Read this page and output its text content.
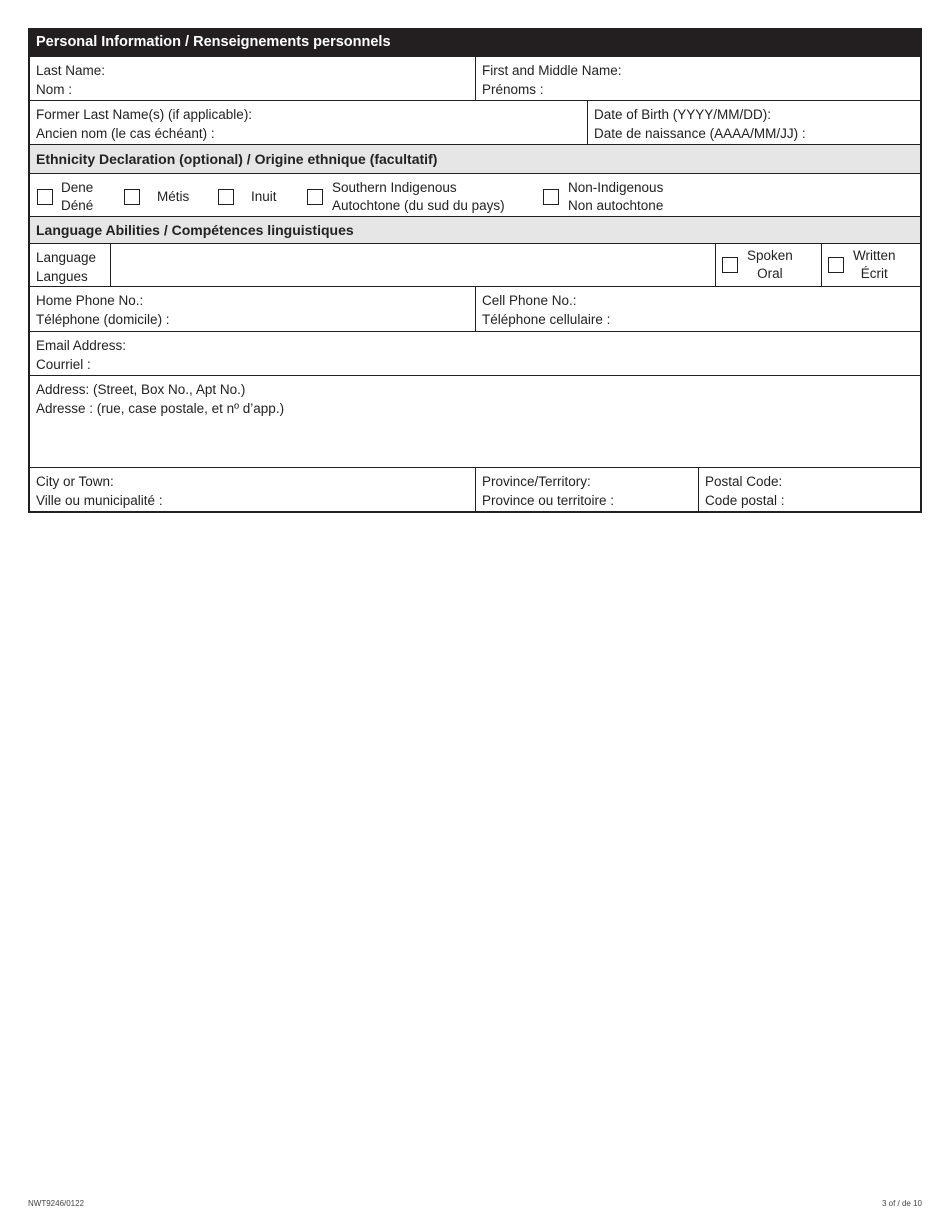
Personal Information / Renseignements personnels
Last Name:
Nom :
First and Middle Name:
Prénoms :
Former Last Name(s) (if applicable):
Ancien nom (le cas échéant) :
Date of Birth (YYYY/MM/DD):
Date de naissance (AAAA/MM/JJ) :
Ethnicity Declaration (optional) / Origine ethnique (facultatif)
Dene
Déné
Métis	Inuit
Southern Indigenous
Autochtone (du sud du pays)
Non-Indigenous
Non autochtone
Language Abilities / Compétences linguistiques
Language
Langues
Spoken
Oral
Written
Écrit
Home Phone No.:
Téléphone (domicile) :
Cell Phone No.:
Téléphone cellulaire :
Email Address:
Courriel :
Address: (Street, Box No., Apt No.)
Adresse : (rue, case postale, et nº d’app.)
City or Town:
Ville ou municipalité :
Province/Territory:
Province ou territoire :
Postal Code:
Code postal :
NWT9246/0122	3 of / de 10
